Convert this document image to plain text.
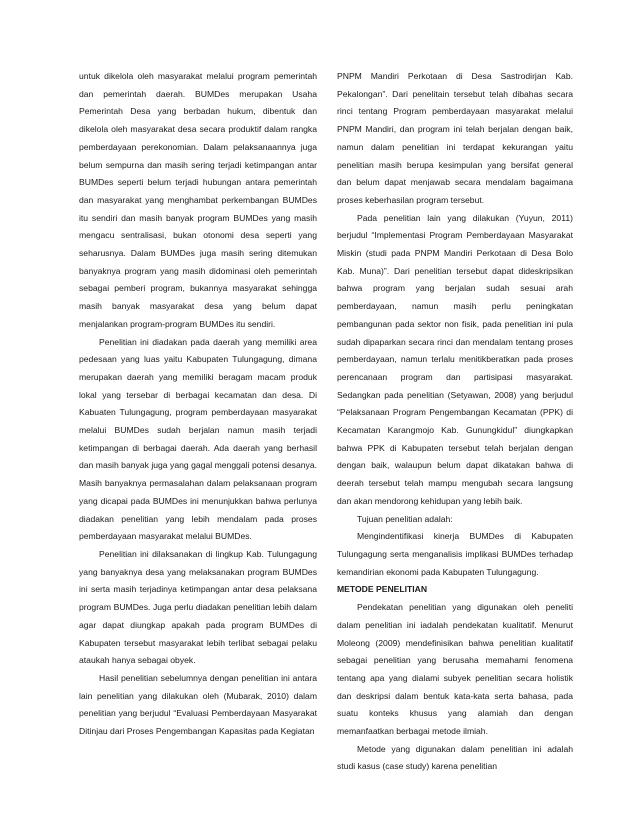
untuk dikelola oleh masyarakat melalui program pemerintah dan pemerintah daerah. BUMDes merupakan Usaha Pemerintah Desa yang berbadan hukum, dibentuk dan dikelola oleh masyarakat desa secara produktif dalam rangka pemberdayaan perekonomian. Dalam pelaksanaannya juga belum sempurna dan masih sering terjadi ketimpangan antar BUMDes seperti belum terjadi hubungan antara pemerintah dan masyarakat yang menghambat perkembangan BUMDes itu sendiri dan masih banyak program BUMDes yang masih mengacu sentralisasi, bukan otonomi desa seperti yang seharusnya. Dalam BUMDes juga masih sering ditemukan banyaknya program yang masih didominasi oleh pemerintah sebagai pemberi program, bukannya masyarakat sehingga masih banyak masyarakat desa yang belum dapat menjalankan program-program BUMDes itu sendiri.

Penelitian ini diadakan pada daerah yang memiliki area pedesaan yang luas yaitu Kabupaten Tulungagung, dimana merupakan daerah yang memiliki beragam macam produk lokal yang tersebar di berbagai kecamatan dan desa. Di Kabuaten Tulungagung, program pemberdayaan masyarakat melalui BUMDes sudah berjalan namun masih terjadi ketimpangan di berbagai daerah. Ada daerah yang berhasil dan masih banyak juga yang gagal menggali potensi desanya. Masih banyaknya permasalahan dalam pelaksanaan program yang dicapai pada BUMDes ini menunjukkan bahwa perlunya diadakan penelitian yang lebih mendalam pada proses pemberdayaan masyarakat melalui BUMDes.

Penelitian ini dilaksanakan di lingkup Kab. Tulungagung yang banyaknya desa yang melaksanakan program BUMDes ini serta masih terjadinya ketimpangan antar desa pelaksana program BUMDes. Juga perlu diadakan penelitian lebih dalam agar dapat diungkap apakah pada program BUMDes di Kabupaten tersebut masyarakat lebih terlibat sebagai pelaku ataukah hanya sebagai obyek.

Hasil penelitian sebelumnya dengan penelitian ini antara lain penelitian yang dilakukan oleh (Mubarak, 2010) dalam penelitian yang berjudul “Evaluasi Pemberdayaan Masyarakat Ditinjau dari Proses Pengembangan Kapasitas pada Kegiatan

PNPM Mandiri Perkotaan di Desa Sastrodirjan Kab. Pekalongan”. Dari penelitain tersebut telah dibahas secara rinci tentang Program pemberdayaan masyarakat melalui PNPM Mandiri, dan program ini telah berjalan dengan baik, namun dalam penelitian ini terdapat kekurangan yaitu penelitian masih berupa kesimpulan yang bersifat general dan belum dapat menjawab secara mendalam bagaimana proses keberhasilan program tersebut.

Pada penelitian lain yang dilakukan (Yuyun, 2011) berjudul “Implementasi Program Pemberdayaan Masyarakat Miskin (studi pada PNPM Mandiri Perkotaan di Desa Bolo Kab. Muna)”. Dari penelitian tersebut dapat dideskripsikan bahwa program yang berjalan sudah sesuai arah pemberdayaan, namun masih perlu peningkatan pembangunan pada sektor non fisik, pada penelitian ini pula sudah dipaparkan secara rinci dan mendalam tentang proses pemberdayaan, namun terlalu menitikberatkan pada proses perencanaan program dan partisipasi masyarakat. Sedangkan pada penelitian (Setyawan, 2008) yang berjudul “Pelaksanaan Program Pengembangan Kecamatan (PPK) di Kecamatan Karangmojo Kab. Gunungkidul” diungkapkan bahwa PPK di Kabupaten tersebut telah berjalan dengan dengan baik, walaupun belum dapat dikatakan bahwa di deerah tersebut telah mampu mengubah secara langsung dan akan mendorong kehidupan yang lebih baik.

Tujuan penelitian adalah:

Mengindentifikasi kinerja BUMDes di Kabupaten Tulungagung serta menganalisis implikasi BUMDes terhadap kemandirian ekonomi pada Kabupaten Tulungagung.

METODE PENELITIAN

Pendekatan penelitian yang digunakan oleh peneliti dalam penelitian ini iadalah pendekatan kualitatif. Menurut Moleong (2009) mendefinisikan bahwa penelitian kualitatif sebagai penelitian yang berusaha memahami fenomena tentang apa yang dialami subyek penelitian secara holistik dan deskripsi dalam bentuk kata-kata serta bahasa, pada suatu konteks khusus yang alamiah dan dengan memanfaatkan berbagai metode ilmiah.

Metode yang digunakan dalam penelitian ini adalah studi kasus (case study) karena penelitian
